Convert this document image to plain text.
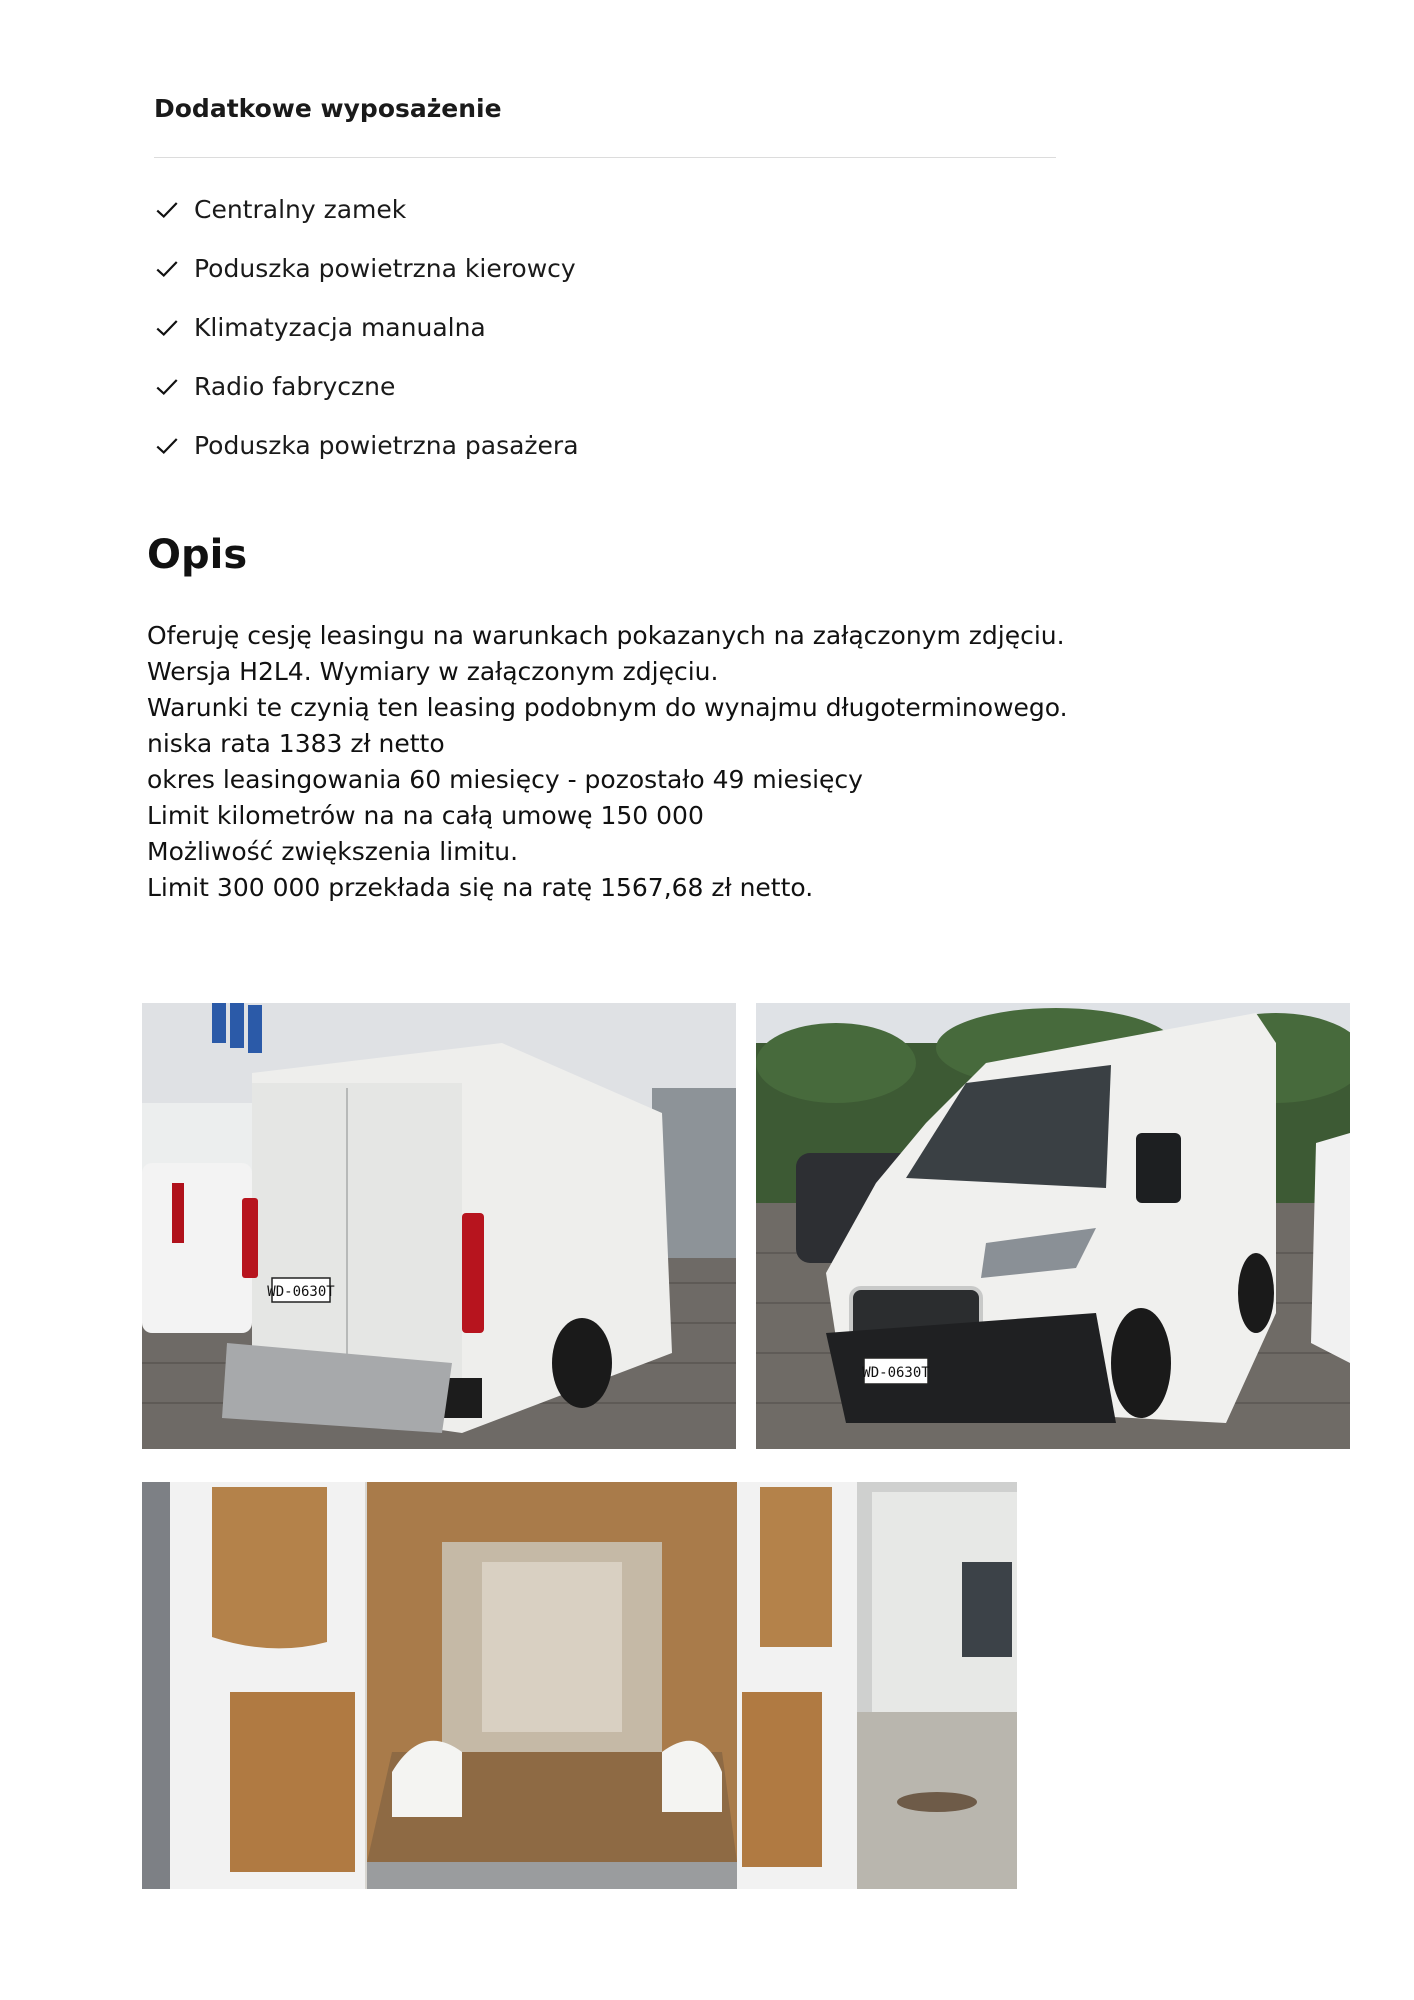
Dodatkowe wyposażenie
Centralny zamek
Poduszka powietrzna kierowcy
Klimatyzacja manualna
Radio fabryczne
Poduszka powietrzna pasażera
Opis
Oferuję cesję leasingu na warunkach pokazanych na załączonym zdjęciu.
Wersja H2L4. Wymiary w załączonym zdjęciu.
Warunki te czynią ten leasing podobnym do wynajmu długoterminowego.
niska rata 1383 zł netto
okres leasingowania 60 miesięcy - pozostało 49 miesięcy
Limit kilometrów na na całą umowę 150 000
Możliwość zwiększenia limitu.
Limit 300 000 przekłada się na ratę 1567,68 zł netto.
WD-0630T
WD-0630T
